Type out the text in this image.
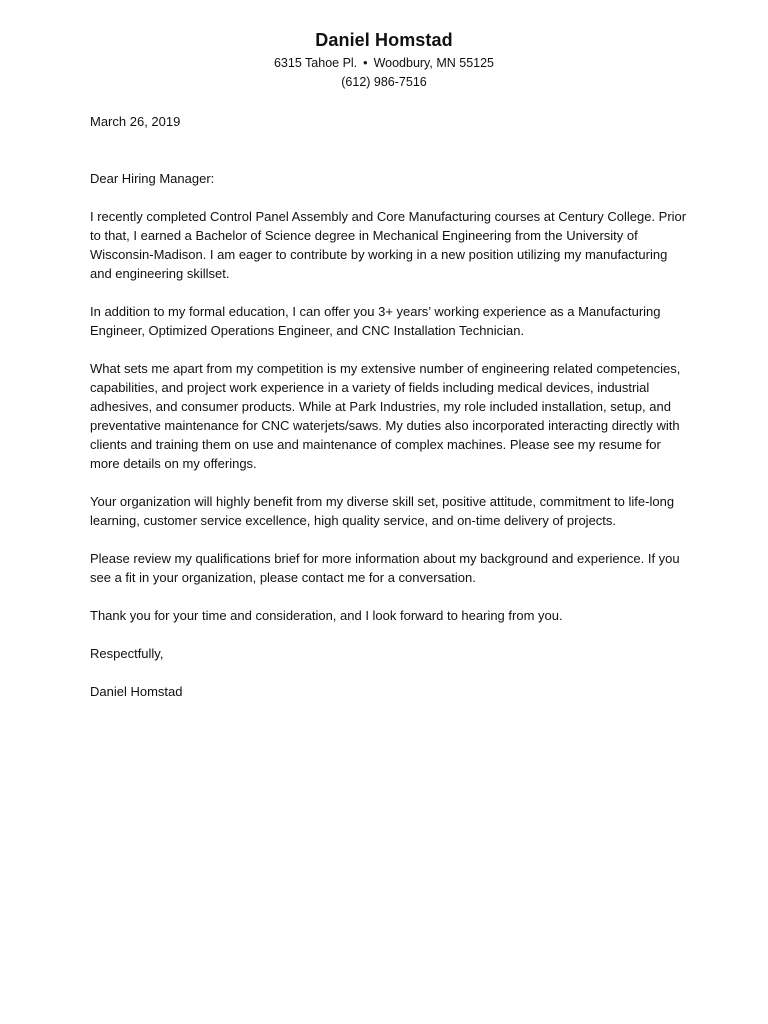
Daniel Homstad
6315 Tahoe Pl. • Woodbury, MN 55125
(612) 986-7516

March 26, 2019

Dear Hiring Manager:

I recently completed Control Panel Assembly and Core Manufacturing courses at Century College. Prior to that, I earned a Bachelor of Science degree in Mechanical Engineering from the University of Wisconsin-Madison. I am eager to contribute by working in a new position utilizing my manufacturing and engineering skillset.

In addition to my formal education, I can offer you 3+ years’ working experience as a Manufacturing Engineer, Optimized Operations Engineer, and CNC Installation Technician.

What sets me apart from my competition is my extensive number of engineering related competencies, capabilities, and project work experience in a variety of fields including medical devices, industrial adhesives, and consumer products. While at Park Industries, my role included installation, setup, and preventative maintenance for CNC waterjets/saws. My duties also incorporated interacting directly with clients and training them on use and maintenance of complex machines. Please see my resume for more details on my offerings.

Your organization will highly benefit from my diverse skill set, positive attitude, commitment to life-long learning, customer service excellence, high quality service, and on-time delivery of projects.

Please review my qualifications brief for more information about my background and experience. If you see a fit in your organization, please contact me for a conversation.

Thank you for your time and consideration, and I look forward to hearing from you.

Respectfully,

Daniel Homstad
